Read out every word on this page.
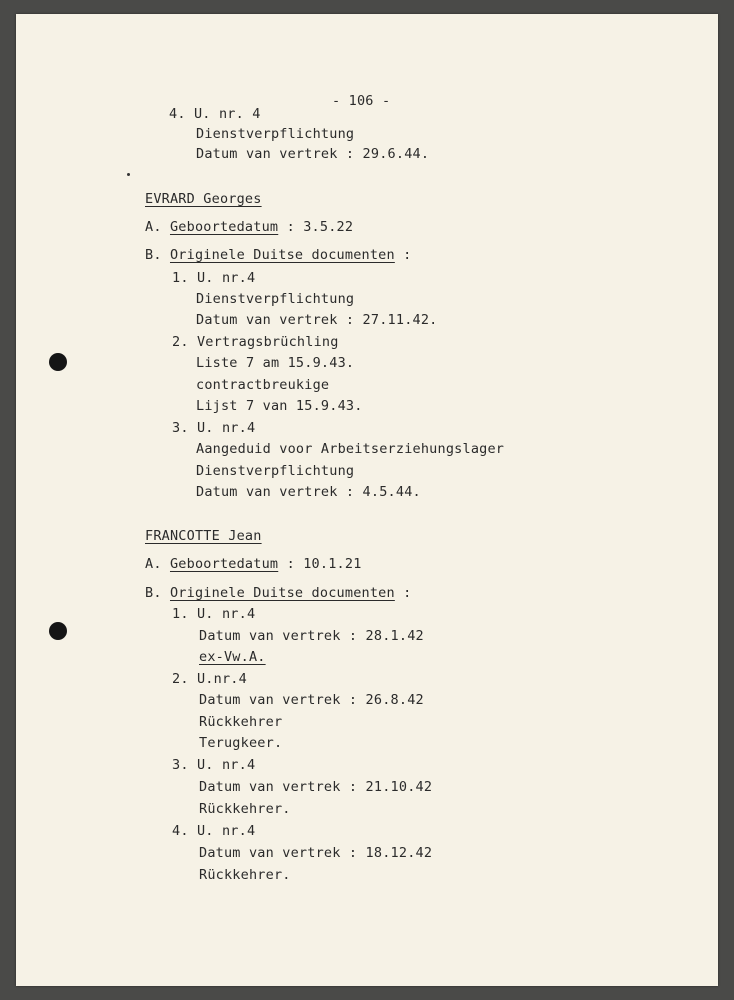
- 106 -
4. U. nr. 4
Dienstverpflichtung
Datum van vertrek : 29.6.44.
EVRARD Georges
A. Geboortedatum : 3.5.22
B. Originele Duitse documenten :
1. U. nr.4
Dienstverpflichtung
Datum van vertrek : 27.11.42.
2. Vertragsbrüchling
Liste 7 am 15.9.43.
contractbreukige
Lijst 7 van 15.9.43.
3. U. nr.4
Aangeduid voor Arbeitserziehungslager
Dienstverpflichtung
Datum van vertrek : 4.5.44.
FRANCOTTE Jean
A. Geboortedatum : 10.1.21
B. Originele Duitse documenten :
1. U. nr.4
Datum van vertrek : 28.1.42
ex-Vw.A.
2. U.nr.4
Datum van vertrek : 26.8.42
Rückkehrer
Terugkeer.
3. U. nr.4
Datum van vertrek : 21.10.42
Rückkehrer.
4. U. nr.4
Datum van vertrek : 18.12.42
Rückkehrer.
